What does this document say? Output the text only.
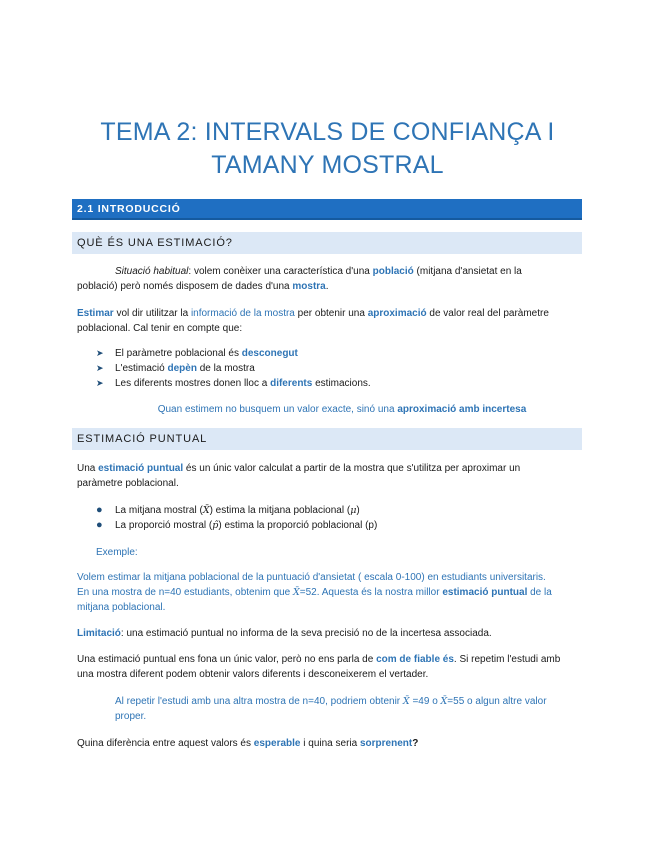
TEMA 2: INTERVALS DE CONFIANÇA I
TAMANY MOSTRAL
2.1 INTRODUCCIÓ
QUÈ ÉS UNA ESTIMACIÓ?
Situació habitual: volem conèixer una característica d'una població (mitjana d'ansietat en la
població) però només disposem de dades d'una mostra.
Estimar vol dir utilitzar la informació de la mostra per obtenir una aproximació de valor real del paràmetre
poblacional. Cal tenir en compte que:
➤ El paràmetre poblacional és desconegut
➤ L'estimació depèn de la mostra
➤ Les diferents mostres donen lloc a diferents estimacions.
Quan estimem no busquem un valor exacte, sinó una aproximació amb incertesa
ESTIMACIÓ PUNTUAL
Una estimació puntual és un únic valor calculat a partir de la mostra que s'utilitza per aproximar un
paràmetre poblacional.
● La mitjana mostral (X̄) estima la mitjana poblacional (μ)
● La proporció mostral (p̂) estima la proporció poblacional (p)
Exemple:
Volem estimar la mitjana poblacional de la puntuació d'ansietat ( escala 0-100) en estudiants universitaris.
En una mostra de n=40 estudiants, obtenim que X̄=52. Aquesta és la nostra millor estimació puntual de la
mitjana poblacional.
Limitació: una estimació puntual no informa de la seva precisió no de la incertesa associada.
Una estimació puntual ens fona un únic valor, però no ens parla de com de fiable és. Si repetim l'estudi amb
una mostra diferent podem obtenir valors diferents i desconeixerem el vertader.
Al repetir l'estudi amb una altra mostra de n=40, podriem obtenir X̄ =49 o X̄=55 o algun altre valor
proper.
Quina diferència entre aquest valors és esperable i quina seria sorprenent?
